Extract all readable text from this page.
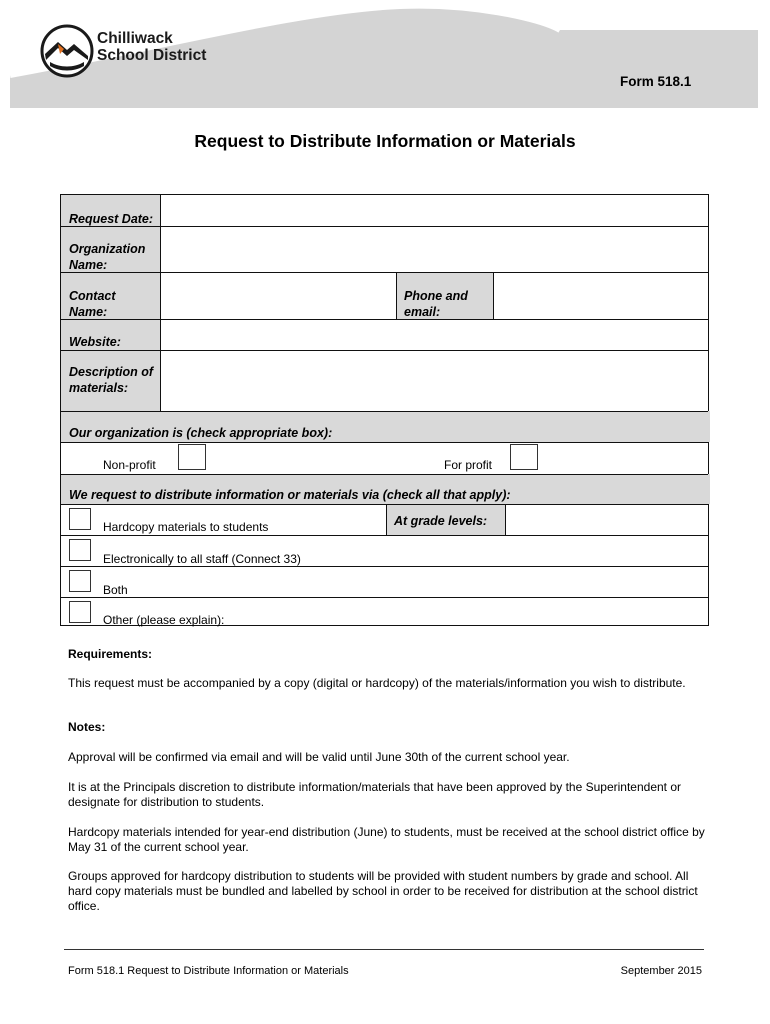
Chilliwack
School District
Form 518.1
Request to Distribute Information or Materials
Request Date:
Organization
Name:
Contact
Name:
Phone and
email:
Website:
Description of
materials:
Our organization is (check appropriate box):
Non-profit	For profit
We request to distribute information or materials via (check all that apply):
Hardcopy materials to students	At grade levels:
Electronically to all staff (Connect 33)
Both
Other (please explain):
Requirements:
This request must be accompanied by a copy (digital or hardcopy) of the materials/information you wish to distribute.
Notes:
Approval will be confirmed via email and will be valid until June 30th of the current school year.
It is at the Principals discretion to distribute information/materials that have been approved by the Superintendent or designate for distribution to students.
Hardcopy materials intended for year-end distribution (June) to students, must be received at the school district office by May 31 of the current school year.
Groups approved for hardcopy distribution to students will be provided with student numbers by grade and school. All hard copy materials must be bundled and labelled by school in order to be received for distribution at the school district office.
Form 518.1 Request to Distribute Information or Materials	September 2015
